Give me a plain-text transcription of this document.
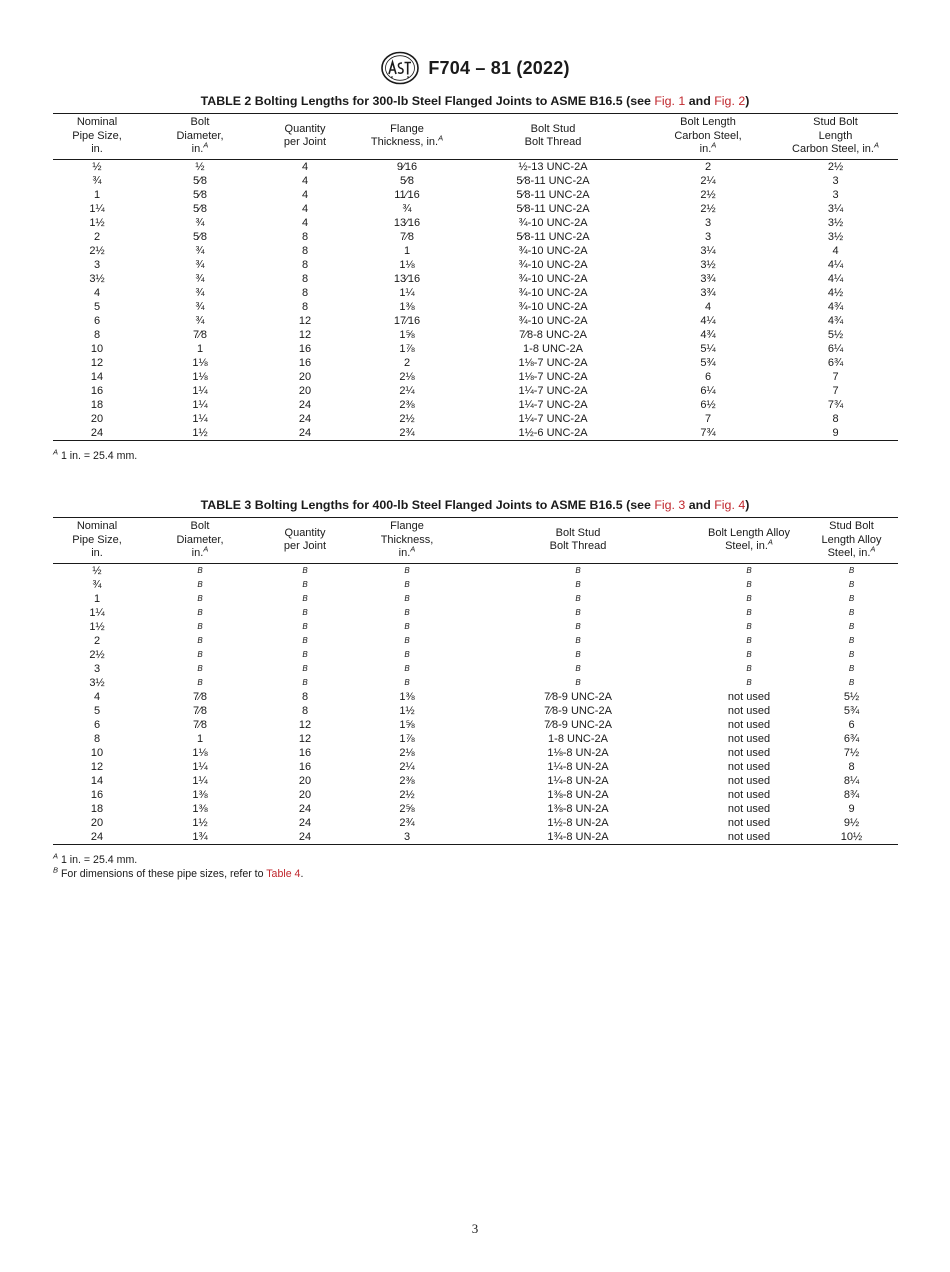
F704 – 81 (2022)
TABLE 2 Bolting Lengths for 300-lb Steel Flanged Joints to ASME B16.5 (see Fig. 1 and Fig. 2)
Nominal
Pipe Size,
in.	Bolt
Diameter,
in.$^A$	Quantity
per Joint	Flange
Thickness, in.$^A$	Bolt Stud
Bolt Thread	Bolt Length
Carbon Steel,
in.$^A$	Stud Bolt
Length
Carbon Steel, in.$^A$
½	½	4	9⁄16	½-13 UNC-2A	2	2½
¾	5⁄8	4	5⁄8	5⁄8-11 UNC-2A	2¼	3
1	5⁄8	4	11⁄16	5⁄8-11 UNC-2A	2½	3
1¼	5⁄8	4	¾	5⁄8-11 UNC-2A	2½	3¼
1½	¾	4	13⁄16	¾-10 UNC-2A	3	3½
2	5⁄8	8	7⁄8	5⁄8-11 UNC-2A	3	3½
2½	¾	8	1	¾-10 UNC-2A	3¼	4
3	¾	8	1⅛	¾-10 UNC-2A	3½	4¼
3½	¾	8	13⁄16	¾-10 UNC-2A	3¾	4¼
4	¾	8	1¼	¾-10 UNC-2A	3¾	4½
5	¾	8	1⅜	¾-10 UNC-2A	4	4¾
6	¾	12	17⁄16	¾-10 UNC-2A	4¼	4¾
8	7⁄8	12	1⅝	7⁄8-8 UNC-2A	4¾	5½
10	1	16	1⅞	1-8 UNC-2A	5¼	6¼
12	1⅛	16	2	1⅛-7 UNC-2A	5¾	6¾
14	1⅛	20	2⅛	1⅛-7 UNC-2A	6	7
16	1¼	20	2¼	1¼-7 UNC-2A	6¼	7
18	1¼	24	2⅜	1¼-7 UNC-2A	6½	7¾
20	1¼	24	2½	1¼-7 UNC-2A	7	8
24	1½	24	2¾	1½-6 UNC-2A	7¾	9
$^A$ 1 in. = 25.4 mm.
TABLE 3 Bolting Lengths for 400-lb Steel Flanged Joints to ASME B16.5 (see Fig. 3 and Fig. 4)
Nominal
Pipe Size,
in.	Bolt
Diameter,
in.$^A$	Quantity
per Joint	Flange
Thickness,
in.$^A$	Bolt Stud
Bolt Thread	Bolt Length Alloy
Steel, in.$^A$	Stud Bolt
Length Alloy
Steel, in.$^A$
½	B	B	B	B	B	B
¾	B	B	B	B	B	B
1	B	B	B	B	B	B
1¼	B	B	B	B	B	B
1½	B	B	B	B	B	B
2	B	B	B	B	B	B
2½	B	B	B	B	B	B
3	B	B	B	B	B	B
3½	B	B	B	B	B	B
4	7⁄8	8	1⅜	7⁄8-9 UNC-2A	not used	5½
5	7⁄8	8	1½	7⁄8-9 UNC-2A	not used	5¾
6	7⁄8	12	1⅝	7⁄8-9 UNC-2A	not used	6
8	1	12	1⅞	1-8 UNC-2A	not used	6¾
10	1⅛	16	2⅛	1⅛-8 UN-2A	not used	7½
12	1¼	16	2¼	1¼-8 UN-2A	not used	8
14	1¼	20	2⅜	1¼-8 UN-2A	not used	8¼
16	1⅜	20	2½	1⅜-8 UN-2A	not used	8¾
18	1⅜	24	2⅝	1⅜-8 UN-2A	not used	9
20	1½	24	2¾	1½-8 UN-2A	not used	9½
24	1¾	24	3	1¾-8 UN-2A	not used	10½
$^A$ 1 in. = 25.4 mm.
$^B$ For dimensions of these pipe sizes, refer to Table 4.
3
